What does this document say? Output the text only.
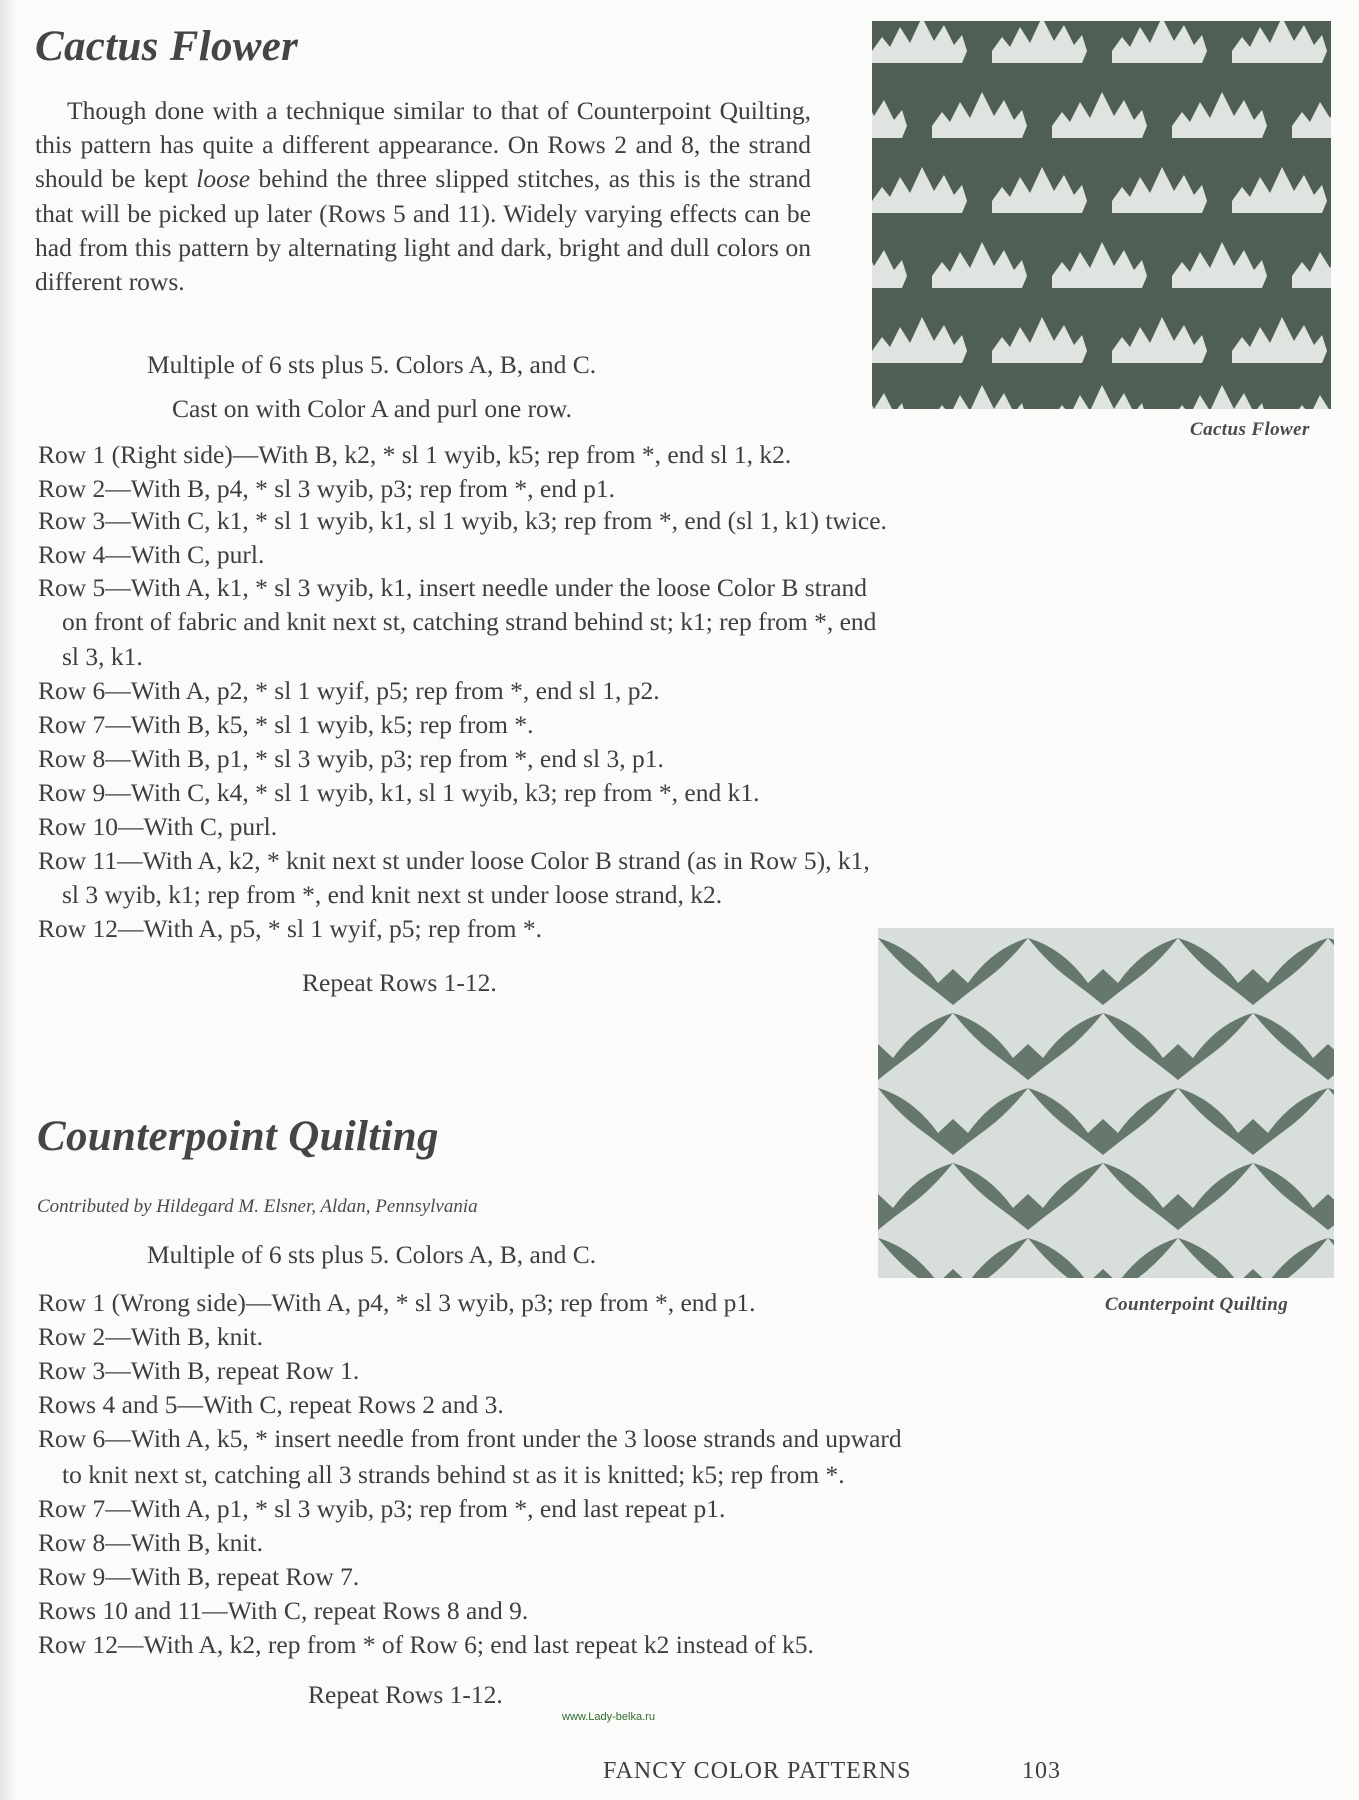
Cactus Flower
Though done with a technique similar to that of Counterpoint Quilting, this pattern has quite a different appearance. On Rows 2 and 8, the strand should be kept loose behind the three slipped stitches, as this is the strand that will be picked up later (Rows 5 and 11). Widely varying effects can be had from this pattern by alternating light and dark, bright and dull colors on different rows.
Multiple of 6 sts plus 5. Colors A, B, and C.
Cast on with Color A and purl one row.
Row 1 (Right side)—With B, k2, * sl 1 wyib, k5; rep from *, end sl 1, k2.
Row 2—With B, p4, * sl 3 wyib, p3; rep from *, end p1.
Row 3—With C, k1, * sl 1 wyib, k1, sl 1 wyib, k3; rep from *, end (sl 1, k1) twice.
Row 4—With C, purl.
Row 5—With A, k1, * sl 3 wyib, k1, insert needle under the loose Color B strand
on front of fabric and knit next st, catching strand behind st; k1; rep from *, end
sl 3, k1.
Row 6—With A, p2, * sl 1 wyif, p5; rep from *, end sl 1, p2.
Row 7—With B, k5, * sl 1 wyib, k5; rep from *.
Row 8—With B, p1, * sl 3 wyib, p3; rep from *, end sl 3, p1.
Row 9—With C, k4, * sl 1 wyib, k1, sl 1 wyib, k3; rep from *, end k1.
Row 10—With C, purl.
Row 11—With A, k2, * knit next st under loose Color B strand (as in Row 5), k1,
sl 3 wyib, k1; rep from *, end knit next st under loose strand, k2.
Row 12—With A, p5, * sl 1 wyif, p5; rep from *.
Repeat Rows 1-12.
Cactus Flower
Counterpoint Quilting
Contributed by Hildegard M. Elsner, Aldan, Pennsylvania
Multiple of 6 sts plus 5. Colors A, B, and C.
Row 1 (Wrong side)—With A, p4, * sl 3 wyib, p3; rep from *, end p1.
Row 2—With B, knit.
Row 3—With B, repeat Row 1.
Rows 4 and 5—With C, repeat Rows 2 and 3.
Row 6—With A, k5, * insert needle from front under the 3 loose strands and upward
to knit next st, catching all 3 strands behind st as it is knitted; k5; rep from *.
Row 7—With A, p1, * sl 3 wyib, p3; rep from *, end last repeat p1.
Row 8—With B, knit.
Row 9—With B, repeat Row 7.
Rows 10 and 11—With C, repeat Rows 8 and 9.
Row 12—With A, k2, rep from * of Row 6; end last repeat k2 instead of k5.
Repeat Rows 1-12.
Counterpoint Quilting
www.Lady-belka.ru
FANCY COLOR PATTERNS	103
